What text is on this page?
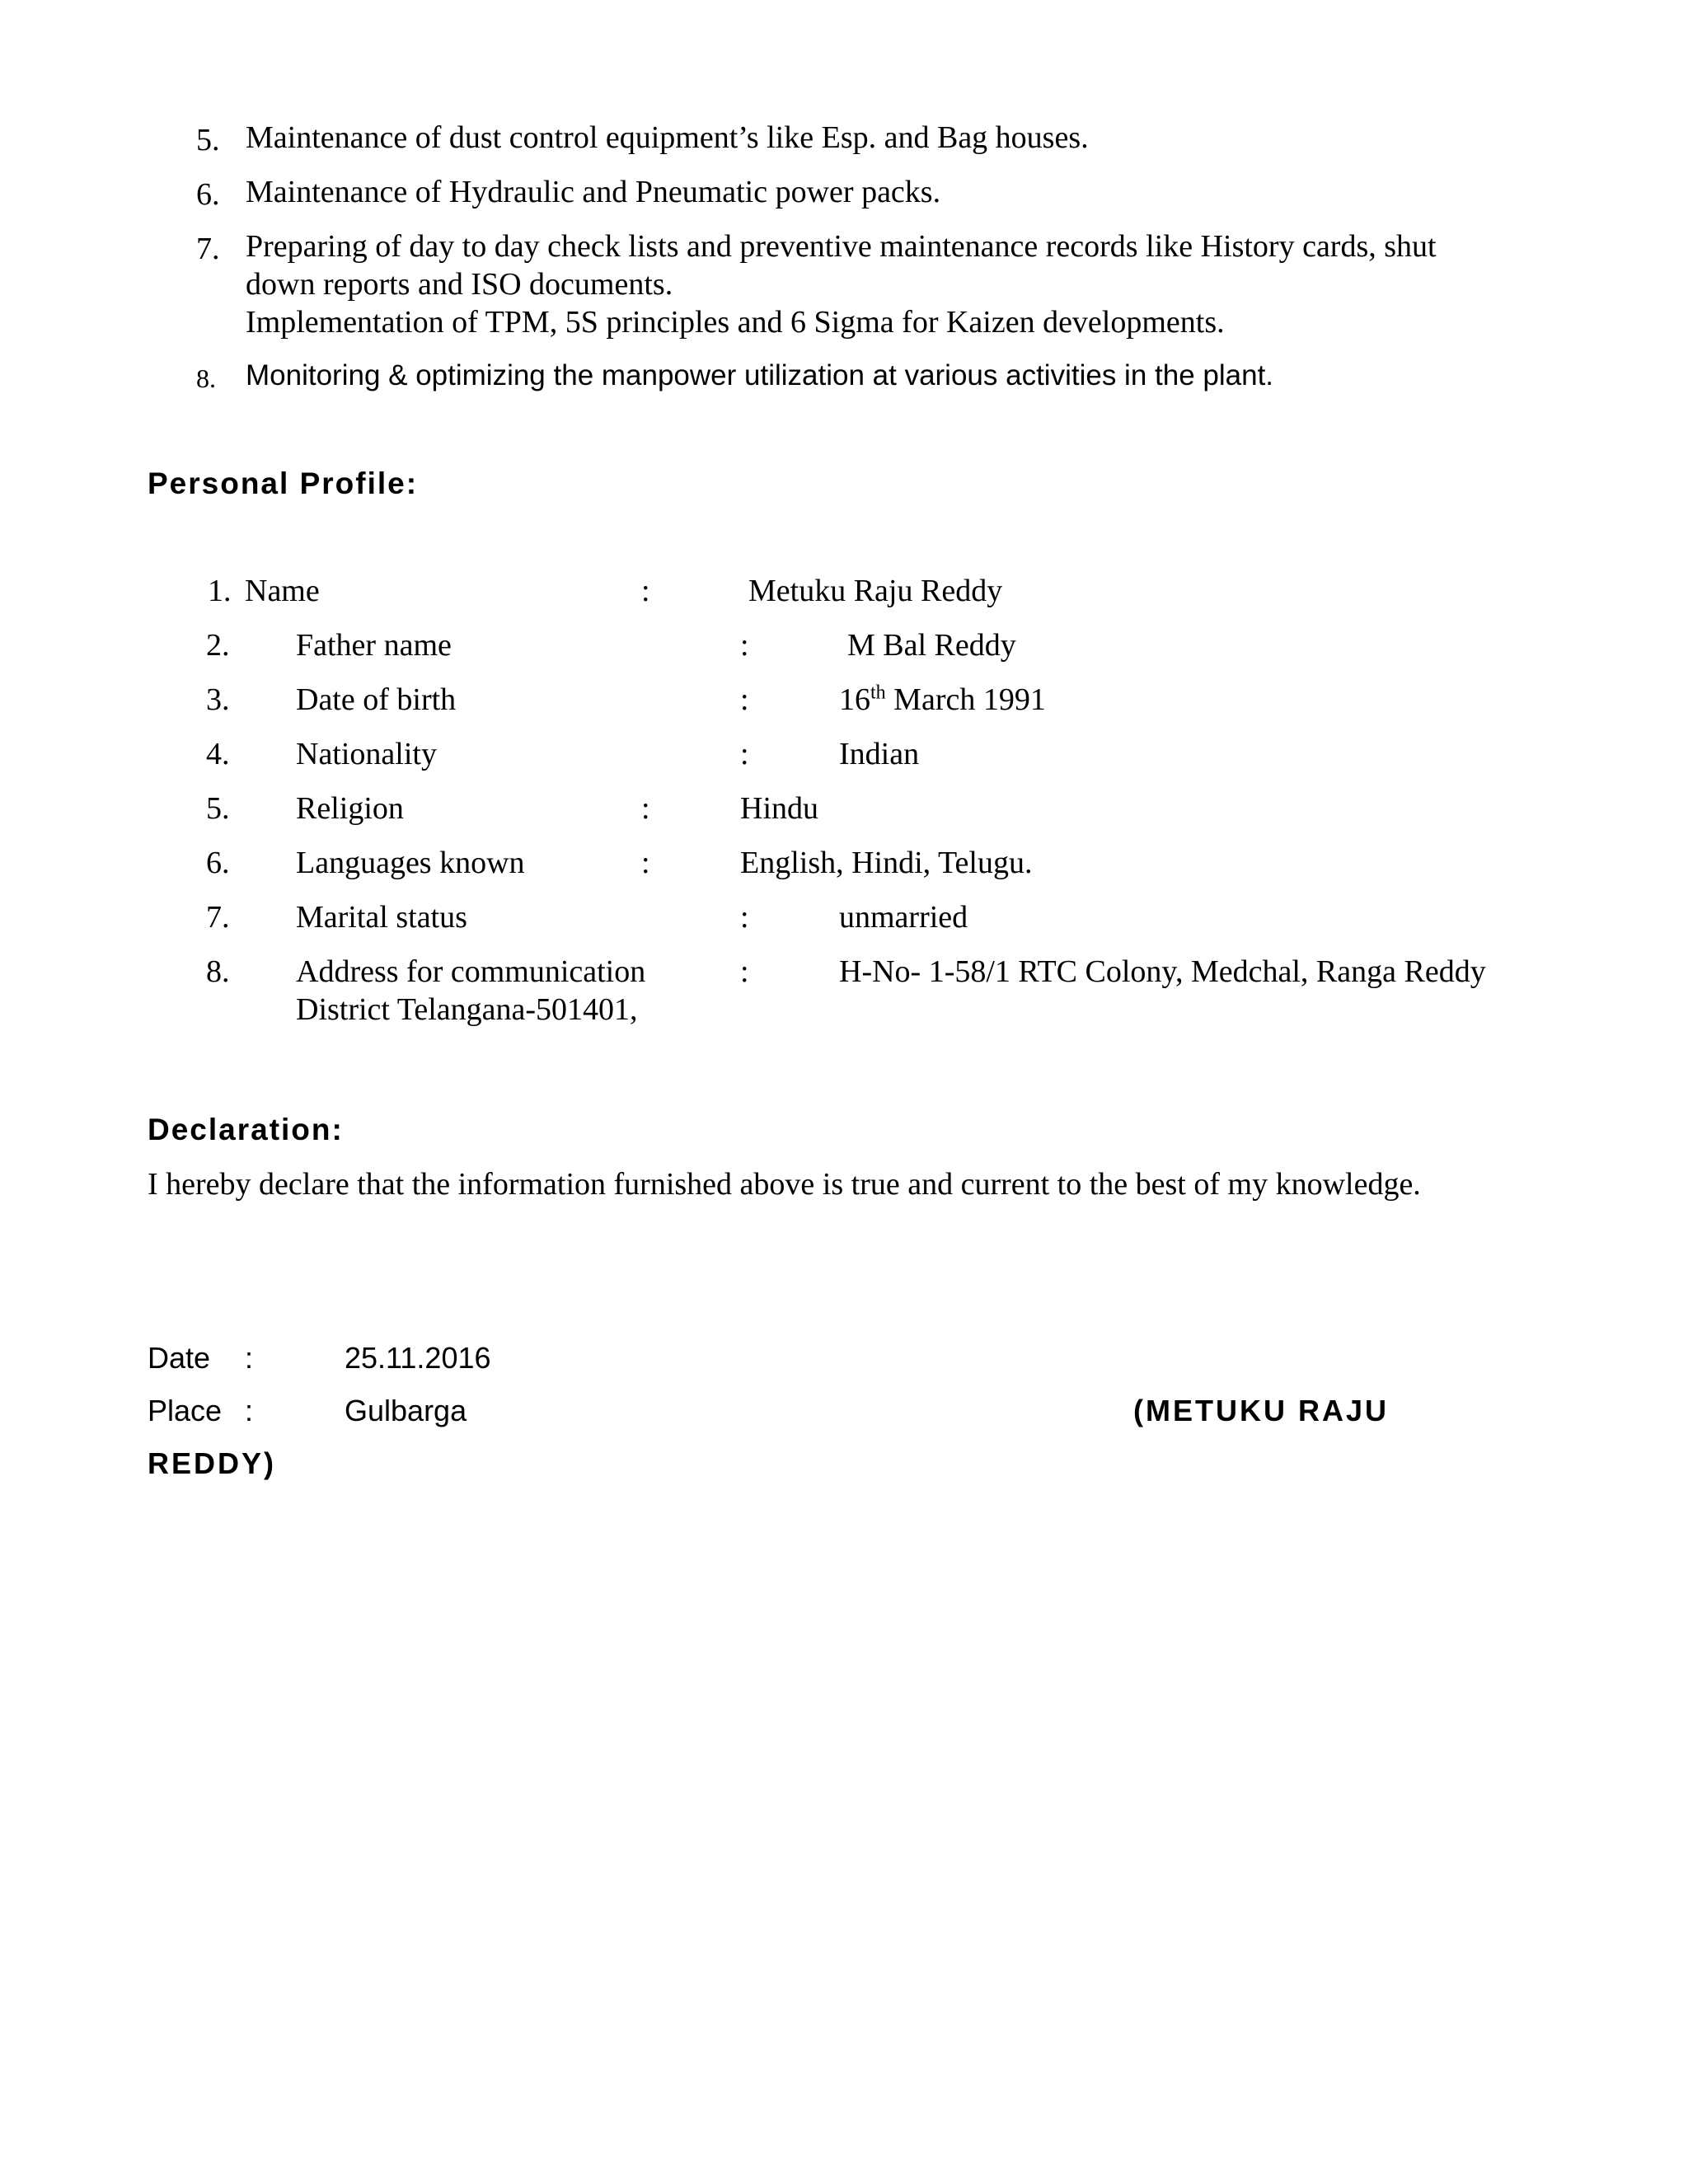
5. Maintenance of dust control equipment’s like Esp. and Bag houses.
6. Maintenance of Hydraulic and Pneumatic power packs.
7. Preparing of day to day check lists and preventive maintenance records like History cards, shut
down reports and ISO documents.
Implementation of TPM, 5S principles and 6 Sigma for Kaizen developments.
8. Monitoring & optimizing the manpower utilization at various activities in the plant.
Personal Profile:
1. Name	:	Metuku Raju Reddy
2. Father name	:	M Bal Reddy
3. Date of birth	:	16th March 1991
4. Nationality	:	Indian
5. Religion	:	Hindu
6. Languages known	:	English, Hindi, Telugu.
7. Marital status	:	unmarried
8. Address for communication	:	H-No- 1-58/1 RTC Colony, Medchal, Ranga Reddy
District Telangana-501401,
Declaration:
I hereby declare that the information furnished above is true and current to the best of my knowledge.
Date :	25.11.2016
Place :	Gulbarga	(METUKU RAJU
REDDY)
